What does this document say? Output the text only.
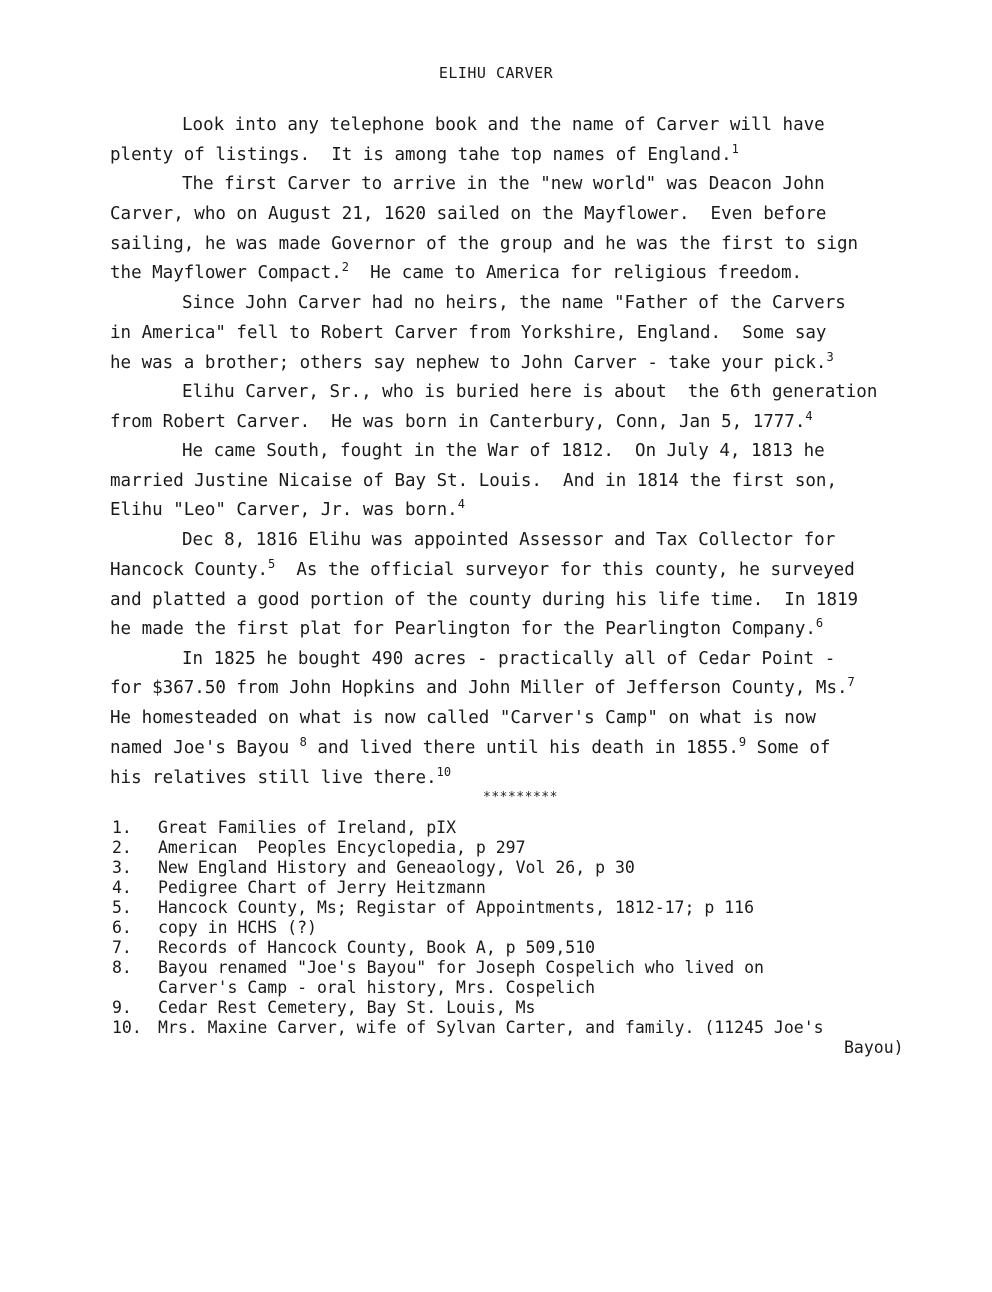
ELIHU CARVER
Look into any telephone book and the name of Carver will have
plenty of listings.  It is among tahe top names of England.$^1$
The first Carver to arrive in the "new world" was Deacon John
Carver, who on August 21, 1620 sailed on the Mayflower.  Even before
sailing, he was made Governor of the group and he was the first to sign
the Mayflower Compact.$^2$  He came to America for religious freedom.
Since John Carver had no heirs, the name "Father of the Carvers
in America" fell to Robert Carver from Yorkshire, England.  Some say
he was a brother; others say nephew to John Carver - take your pick.$^3$
Elihu Carver, Sr., who is buried here is about  the 6th generation
from Robert Carver.  He was born in Canterbury, Conn, Jan 5, 1777.$^4$
He came South, fought in the War of 1812.  On July 4, 1813 he
married Justine Nicaise of Bay St. Louis.  And in 1814 the first son,
Elihu "Leo" Carver, Jr. was born.$^4$
Dec 8, 1816 Elihu was appointed Assessor and Tax Collector for
Hancock County.$^5$  As the official surveyor for this county, he surveyed
and platted a good portion of the county during his life time.  In 1819
he made the first plat for Pearlington for the Pearlington Company.$^6$
In 1825 he bought 490 acres - practically all of Cedar Point -
for $367.50 from John Hopkins and John Miller of Jefferson County, Ms.$^7$
He homesteaded on what is now called "Carver's Camp" on what is now
named Joe's Bayou $^8$ and lived there until his death in 1855.$^9$ Some of
his relatives still live there.$^{10}$
*********
1. Great Families of Ireland, pIX
2. American  Peoples Encyclopedia, p 297
3. New England History and Geneaology, Vol 26, p 30
4. Pedigree Chart of Jerry Heitzmann
5. Hancock County, Ms; Registar of Appointments, 1812-17; p 116
6. copy in HCHS (?)
7. Records of Hancock County, Book A, p 509,510
8. Bayou renamed "Joe's Bayou" for Joseph Cospelich who lived on
Carver's Camp - oral history, Mrs. Cospelich
9. Cedar Rest Cemetery, Bay St. Louis, Ms
10. Mrs. Maxine Carver, wife of Sylvan Carter, and family. (11245 Joe's
Bayou)
